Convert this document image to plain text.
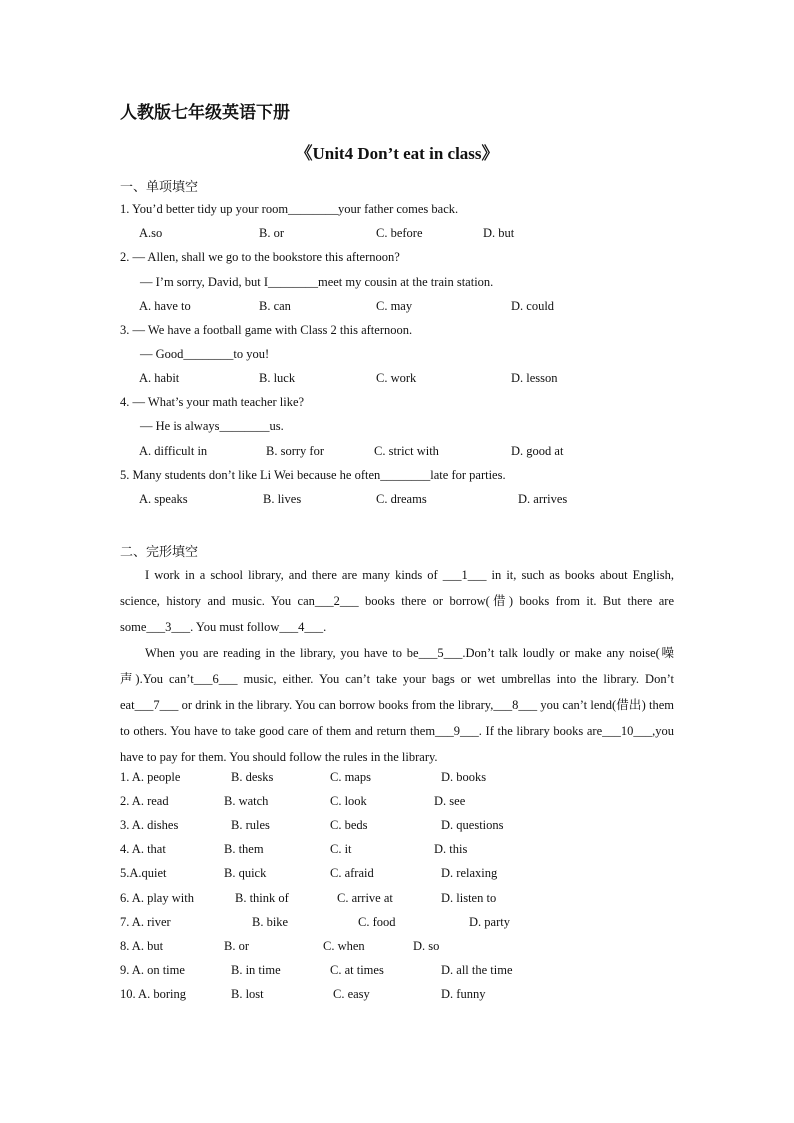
人教版七年级英语下册
《Unit4 Don’t eat in class》
一、单项填空
1. You’d better tidy up your room________your father comes back.
A.so	B. or	C. before	D. but
2. — Allen, shall we go to the bookstore this afternoon?
— I’m sorry, David, but I________meet my cousin at the train station.
A. have to	B. can	C. may	D. could
3. — We have a football game with Class 2 this afternoon.
— Good________to you!
A. habit	B. luck	C. work	D. lesson
4. — What’s your math teacher like?
— He is always________us.
A. difficult in	B. sorry for	C. strict with	D. good at
5. Many students don’t like Li Wei because he often________late for parties.
A. speaks	B. lives	C. dreams	D. arrives
二、完形填空

I work in a school library, and there are many kinds of ___1___ in it, such as books about English, science, history and music. You can___2___ books there or borrow(借) books from it. But there are some___3___. You must follow___4___.

When you are reading in the library, you have to be___5___.Don’t talk loudly or make any noise(噪声).You can’t___6___ music, either. You can’t take your bags or wet umbrellas into the library. Don’t eat___7___ or drink in the library. You can borrow books from the library,___8___ you can’t lend(借出) them to others. You have to take good care of them and return them___9___. If the library books are___10___,you have to pay for them. You should follow the rules in the library.

1. A. people	B. desks	C. maps	D. books
2. A. read	B. watch	C. look	D. see
3. A. dishes	B. rules	C. beds	D. questions
4. A. that	B. them	C. it	D. this
5.A.quiet	B. quick	C. afraid	D. relaxing
6. A. play with	B. think of	C. arrive at	D. listen to
7. A. river	B. bike	C. food	D. party
8. A. but	B. or	C. when	D. so
9. A. on time	B. in time	C. at times	D. all the time
10. A. boring	B. lost	C. easy	D. funny
